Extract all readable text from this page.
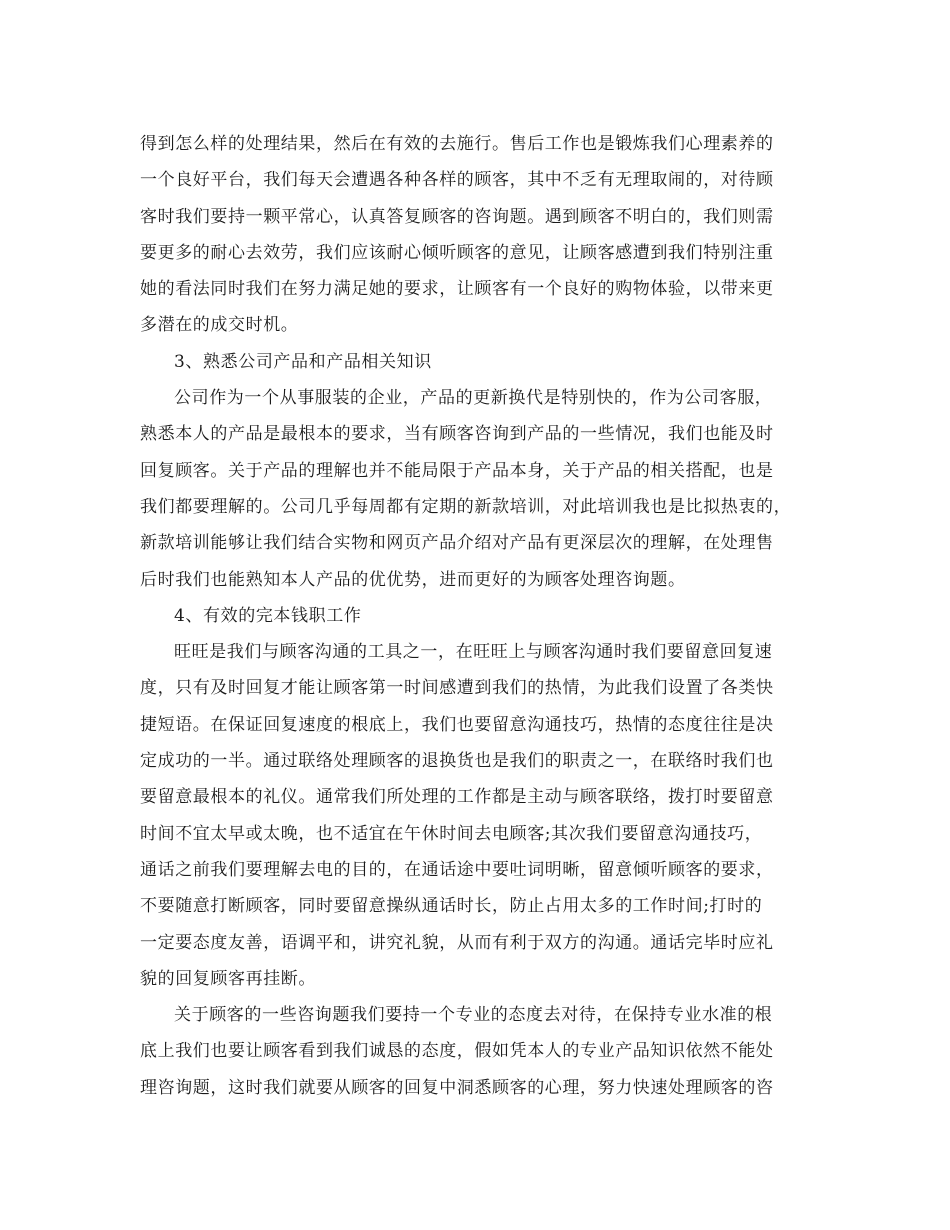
得到怎么样的处理结果，然后在有效的去施行。售后工作也是锻炼我们心理素养的
一个良好平台，我们每天会遭遇各种各样的顾客，其中不乏有无理取闹的，对待顾
客时我们要持一颗平常心，认真答复顾客的咨询题。遇到顾客不明白的，我们则需
要更多的耐心去效劳，我们应该耐心倾听顾客的意见，让顾客感遭到我们特别注重
她的看法同时我们在努力满足她的要求，让顾客有一个良好的购物体验，以带来更
多潜在的成交时机。
3、熟悉公司产品和产品相关知识
公司作为一个从事服装的企业，产品的更新换代是特别快的，作为公司客服，
熟悉本人的产品是最根本的要求，当有顾客咨询到产品的一些情况，我们也能及时
回复顾客。关于产品的理解也并不能局限于产品本身，关于产品的相关搭配，也是
我们都要理解的。公司几乎每周都有定期的新款培训，对此培训我也是比拟热衷的，
新款培训能够让我们结合实物和网页产品介绍对产品有更深层次的理解，在处理售
后时我们也能熟知本人产品的优优势，进而更好的为顾客处理咨询题。
4、有效的完本钱职工作
旺旺是我们与顾客沟通的工具之一，在旺旺上与顾客沟通时我们要留意回复速
度，只有及时回复才能让顾客第一时间感遭到我们的热情，为此我们设置了各类快
捷短语。在保证回复速度的根底上，我们也要留意沟通技巧，热情的态度往往是决
定成功的一半。通过联络处理顾客的退换货也是我们的职责之一，在联络时我们也
要留意最根本的礼仪。通常我们所处理的工作都是主动与顾客联络，拨打时要留意
时间不宜太早或太晚，也不适宜在午休时间去电顾客;其次我们要留意沟通技巧，
通话之前我们要理解去电的目的，在通话途中要吐词明晰，留意倾听顾客的要求，
不要随意打断顾客，同时要留意操纵通话时长，防止占用太多的工作时间;打时的
一定要态度友善，语调平和，讲究礼貌，从而有利于双方的沟通。通话完毕时应礼
貌的回复顾客再挂断。
关于顾客的一些咨询题我们要持一个专业的态度去对待，在保持专业水准的根
底上我们也要让顾客看到我们诚恳的态度，假如凭本人的专业产品知识依然不能处
理咨询题，这时我们就要从顾客的回复中洞悉顾客的心理，努力快速处理顾客的咨
